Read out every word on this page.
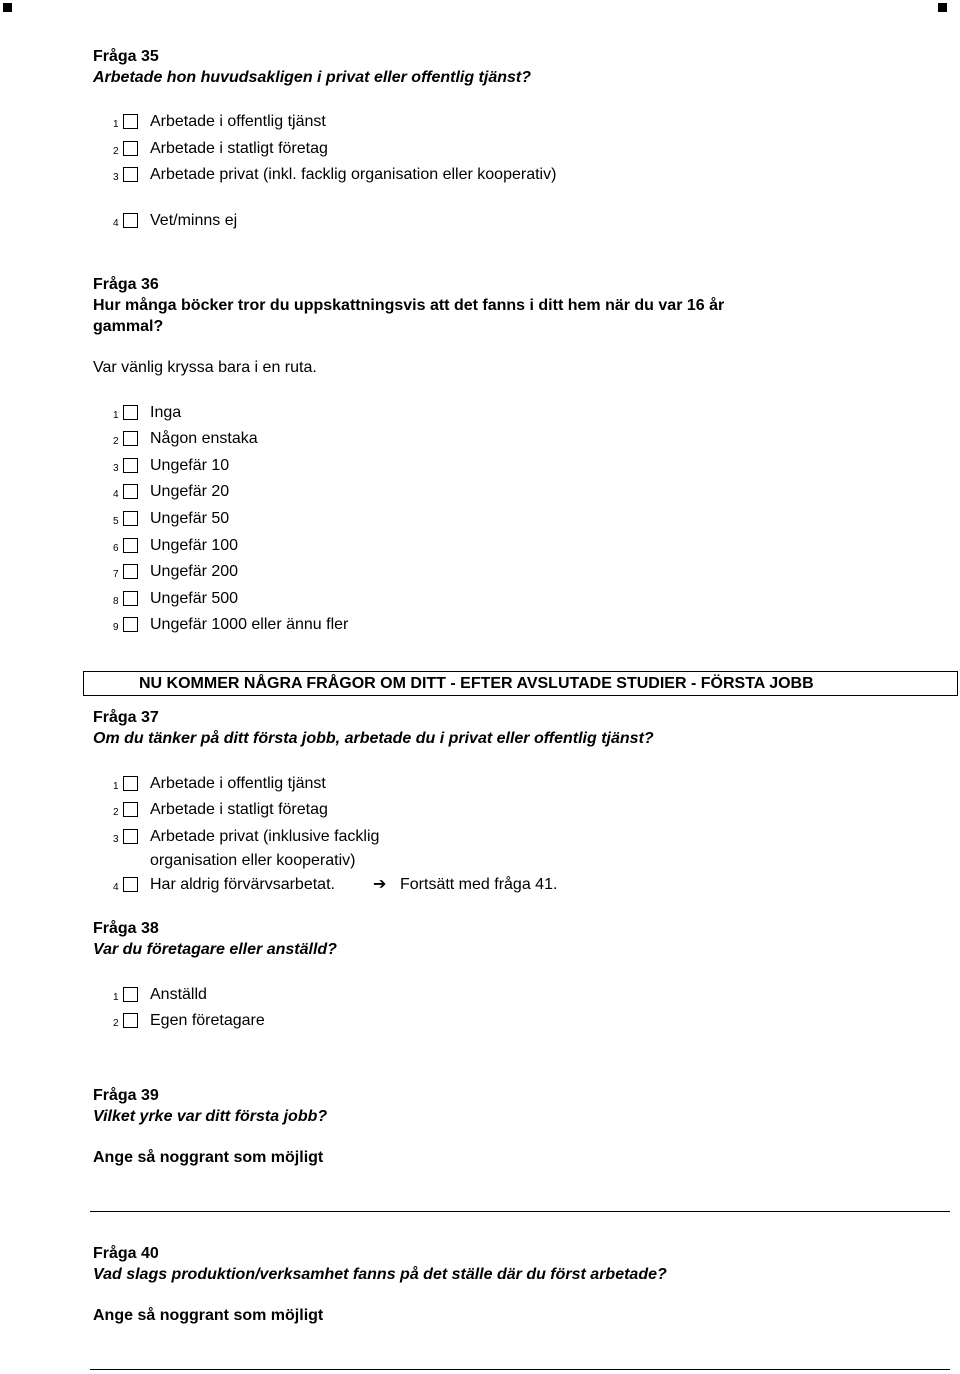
Fråga 35
Arbetade hon huvudsakligen i privat eller offentlig tjänst?
1 Arbetade i offentlig tjänst
2 Arbetade i statligt företag
3 Arbetade privat (inkl. facklig organisation eller kooperativ)
4 Vet/minns ej
Fråga 36
Hur många böcker tror du uppskattningsvis att det fanns i ditt hem när du var 16 år gammal?
Var vänlig kryssa bara i en ruta.
1 Inga
2 Någon enstaka
3 Ungefär 10
4 Ungefär 20
5 Ungefär 50
6 Ungefär 100
7 Ungefär 200
8 Ungefär 500
9 Ungefär 1000 eller ännu fler
NU KOMMER NÅGRA FRÅGOR OM DITT - EFTER AVSLUTADE STUDIER - FÖRSTA JOBB
Fråga 37
Om du tänker på ditt första jobb, arbetade du i privat eller offentlig tjänst?
1 Arbetade i offentlig tjänst
2 Arbetade i statligt företag
3 Arbetade privat (inklusive facklig
organisation eller kooperativ)
4 Har aldrig förvärvsarbetat. ➔ Fortsätt med fråga 41.
Fråga 38
Var du företagare eller anställd?
1 Anställd
2 Egen företagare
Fråga 39
Vilket yrke var ditt första jobb?
Ange så noggrant som möjligt
Fråga 40
Vad slags produktion/verksamhet fanns på det ställe där du först arbetade?
Ange så noggrant som möjligt
